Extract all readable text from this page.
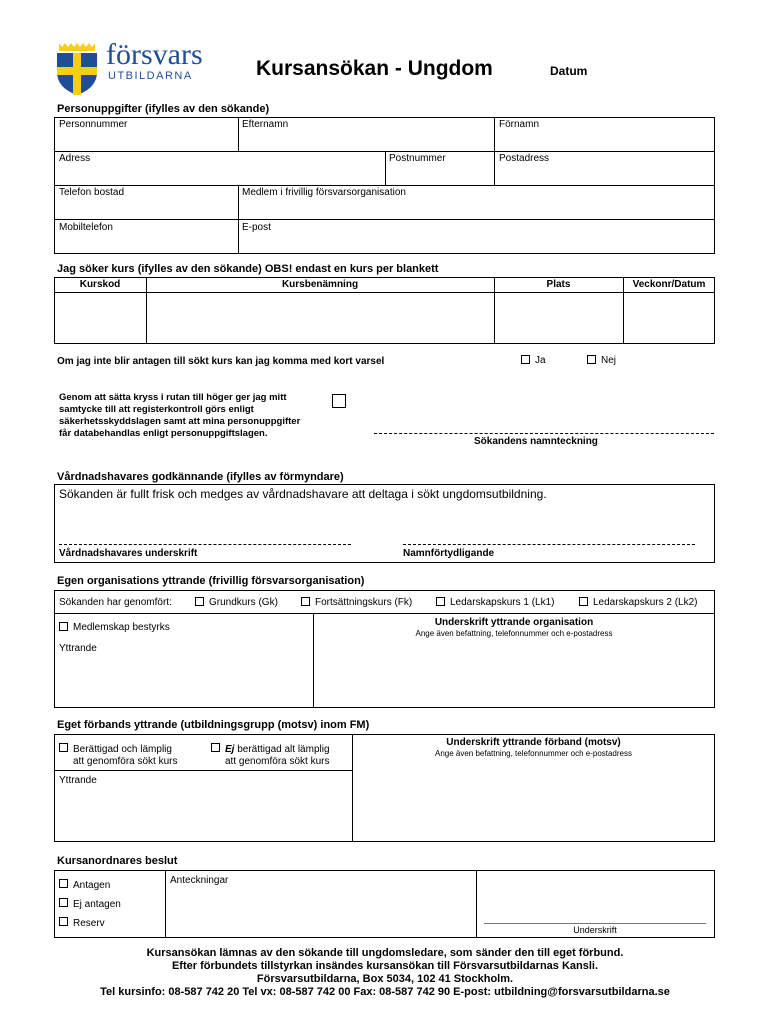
försvars
UTBILDARNA	Kursansökan - Ungdom	Datum
Personuppgifter (ifylles av den sökande)
Personnummer	Efternamn	Förnamn
Adress	Postnummer	Postadress
Telefon bostad	Medlem i frivillig försvarsorganisation
Mobiltelefon	E-post
Jag söker kurs (ifylles av den sökande) OBS! endast en kurs per blankett
Kurskod	Kursbenämning	Plats	Veckonr/Datum
Om jag inte blir antagen till sökt kurs kan jag komma med kort varsel	Ja	Nej
Genom att sätta kryss i rutan till höger ger jag mitt
samtycke till att registerkontroll görs enligt
säkerhetsskyddslagen samt att mina personuppgifter
får databehandlas enligt personuppgiftslagen.
Sökandens namnteckning
Vårdnadshavares godkännande (ifylles av förmyndare)
Sökanden är fullt frisk och medges av vårdnadshavare att deltaga i sökt ungdomsutbildning.
Vårdnadshavares underskrift	Namnförtydligande
Egen organisations yttrande (frivillig försvarsorganisation)
Sökanden har genomfört:	Grundkurs (Gk)	Fortsättningskurs (Fk)	Ledarskapskurs 1 (Lk1)	Ledarskapskurs 2 (Lk2)
Medlemskap bestyrks
Yttrande
Underskrift yttrande organisation
Ange även befattning, telefonnummer och e-postadress
Eget förbands yttrande (utbildningsgrupp (motsv) inom FM)
Berättigad och lämplig
att genomföra sökt kurs
Ej berättigad alt lämplig
att genomföra sökt kurs
Yttrande
Underskrift yttrande förband (motsv)
Ange även befattning, telefonnummer och e-postadress
Kursanordnares beslut
Antagen
Ej antagen
Reserv
Anteckningar
Underskrift
Kursansökan lämnas av den sökande till ungdomsledare, som sänder den till eget förbund.
Efter förbundets tillstyrkan insändes kursansökan till Försvarsutbildarnas Kansli.
Försvarsutbildarna, Box 5034, 102 41 Stockholm.
Tel kursinfo: 08-587 742 20 Tel vx: 08-587 742 00 Fax: 08-587 742 90 E-post: utbildning@forsvarsutbildarna.se
